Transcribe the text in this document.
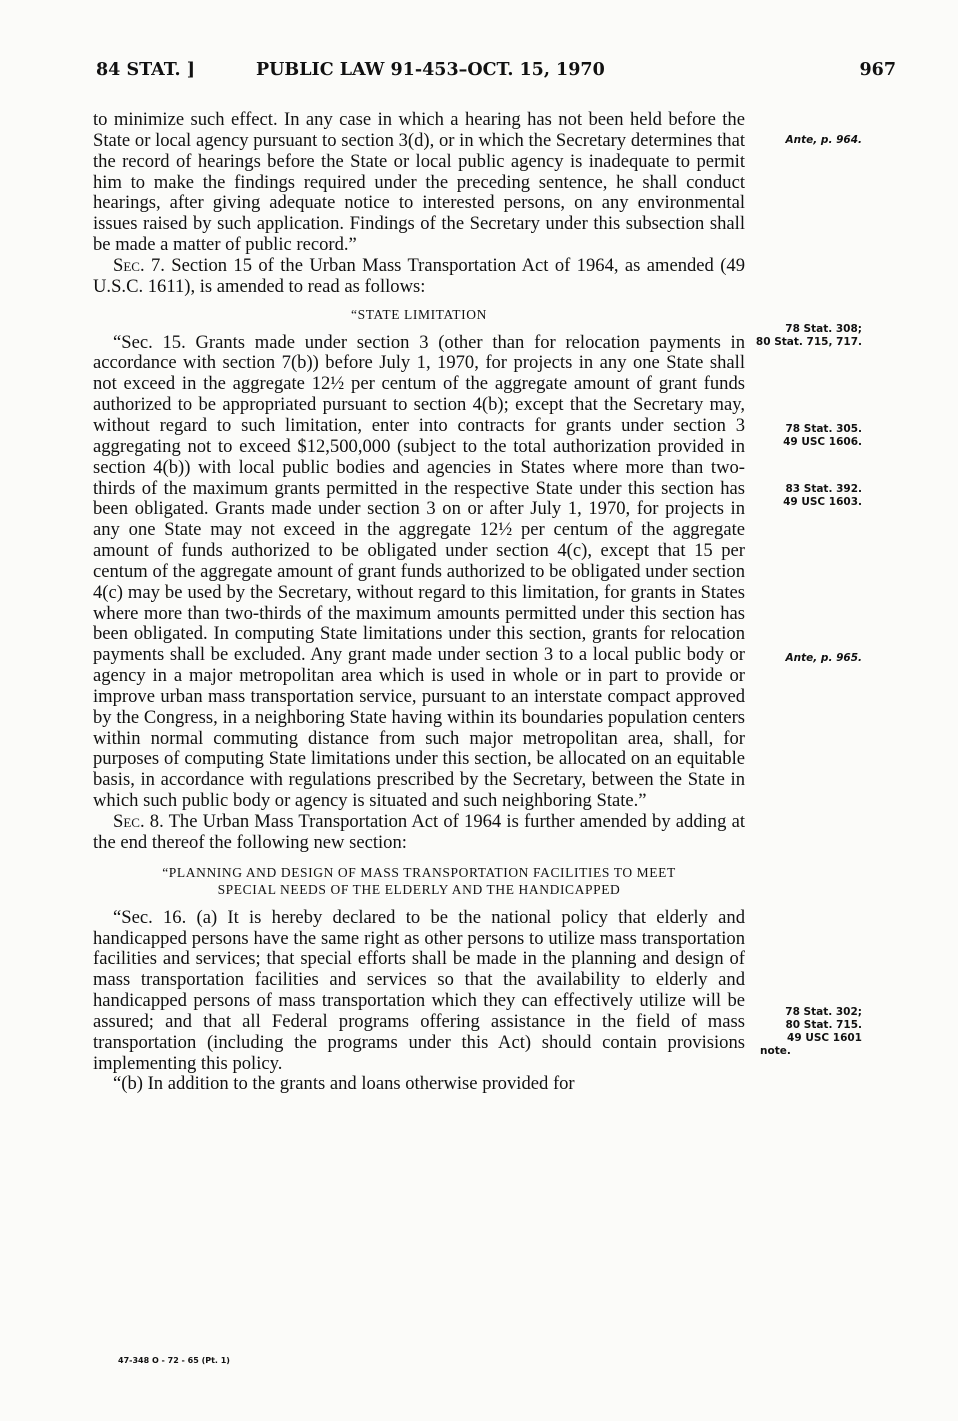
84 STAT. ]	PUBLIC LAW 91-453–OCT. 15, 1970	967

to minimize such effect. In any case in which a hearing has not been held before the State or local agency pursuant to section 3(d), or in which the Secretary determines that the record of hearings before the State or local public agency is inadequate to permit him to make the findings required under the preceding sentence, he shall conduct hearings, after giving adequate notice to interested persons, on any environmental issues raised by such application. Findings of the Secretary under this subsection shall be made a matter of public record.”

Sec. 7. Section 15 of the Urban Mass Transportation Act of 1964, as amended (49 U.S.C. 1611), is amended to read as follows:

“STATE LIMITATION

“Sec. 15. Grants made under section 3 (other than for relocation payments in accordance with section 7(b)) before July 1, 1970, for projects in any one State shall not exceed in the aggregate 12½ per centum of the aggregate amount of grant funds authorized to be appropriated pursuant to section 4(b); except that the Secretary may, without regard to such limitation, enter into contracts for grants under section 3 aggregating not to exceed $12,500,000 (subject to the total authorization provided in section 4(b)) with local public bodies and agencies in States where more than two-thirds of the maximum grants permitted in the respective State under this section has been obligated. Grants made under section 3 on or after July 1, 1970, for projects in any one State may not exceed in the aggregate 12½ per centum of the aggregate amount of funds authorized to be obligated under section 4(c), except that 15 per centum of the aggregate amount of grant funds authorized to be obligated under section 4(c) may be used by the Secretary, without regard to this limitation, for grants in States where more than two-thirds of the maximum amounts permitted under this section has been obligated. In computing State limitations under this section, grants for relocation payments shall be excluded. Any grant made under section 3 to a local public body or agency in a major metropolitan area which is used in whole or in part to provide or improve urban mass transportation service, pursuant to an interstate compact approved by the Congress, in a neighboring State having within its boundaries population centers within normal commuting distance from such major metropolitan area, shall, for purposes of computing State limitations under this section, be allocated on an equitable basis, in accordance with regulations prescribed by the Secretary, between the State in which such public body or agency is situated and such neighboring State.”

Sec. 8. The Urban Mass Transportation Act of 1964 is further amended by adding at the end thereof the following new section:

“PLANNING AND DESIGN OF MASS TRANSPORTATION FACILITIES TO MEET
SPECIAL NEEDS OF THE ELDERLY AND THE HANDICAPPED

“Sec. 16. (a) It is hereby declared to be the national policy that elderly and handicapped persons have the same right as other persons to utilize mass transportation facilities and services; that special efforts shall be made in the planning and design of mass transportation facilities and services so that the availability to elderly and handicapped persons of mass transportation which they can effectively utilize will be assured; and that all Federal programs offering assistance in the field of mass transportation (including the programs under this Act) should contain provisions implementing this policy.

“(b) In addition to the grants and loans otherwise provided for

Ante, p. 964.
78 Stat. 308;
80 Stat. 715, 717.
78 Stat. 305.
49 USC 1606.
83 Stat. 392.
49 USC 1603.
Ante, p. 965.
78 Stat. 302;
80 Stat. 715.
49 USC 1601
note.
47-348 O - 72 - 65 (Pt. 1)
